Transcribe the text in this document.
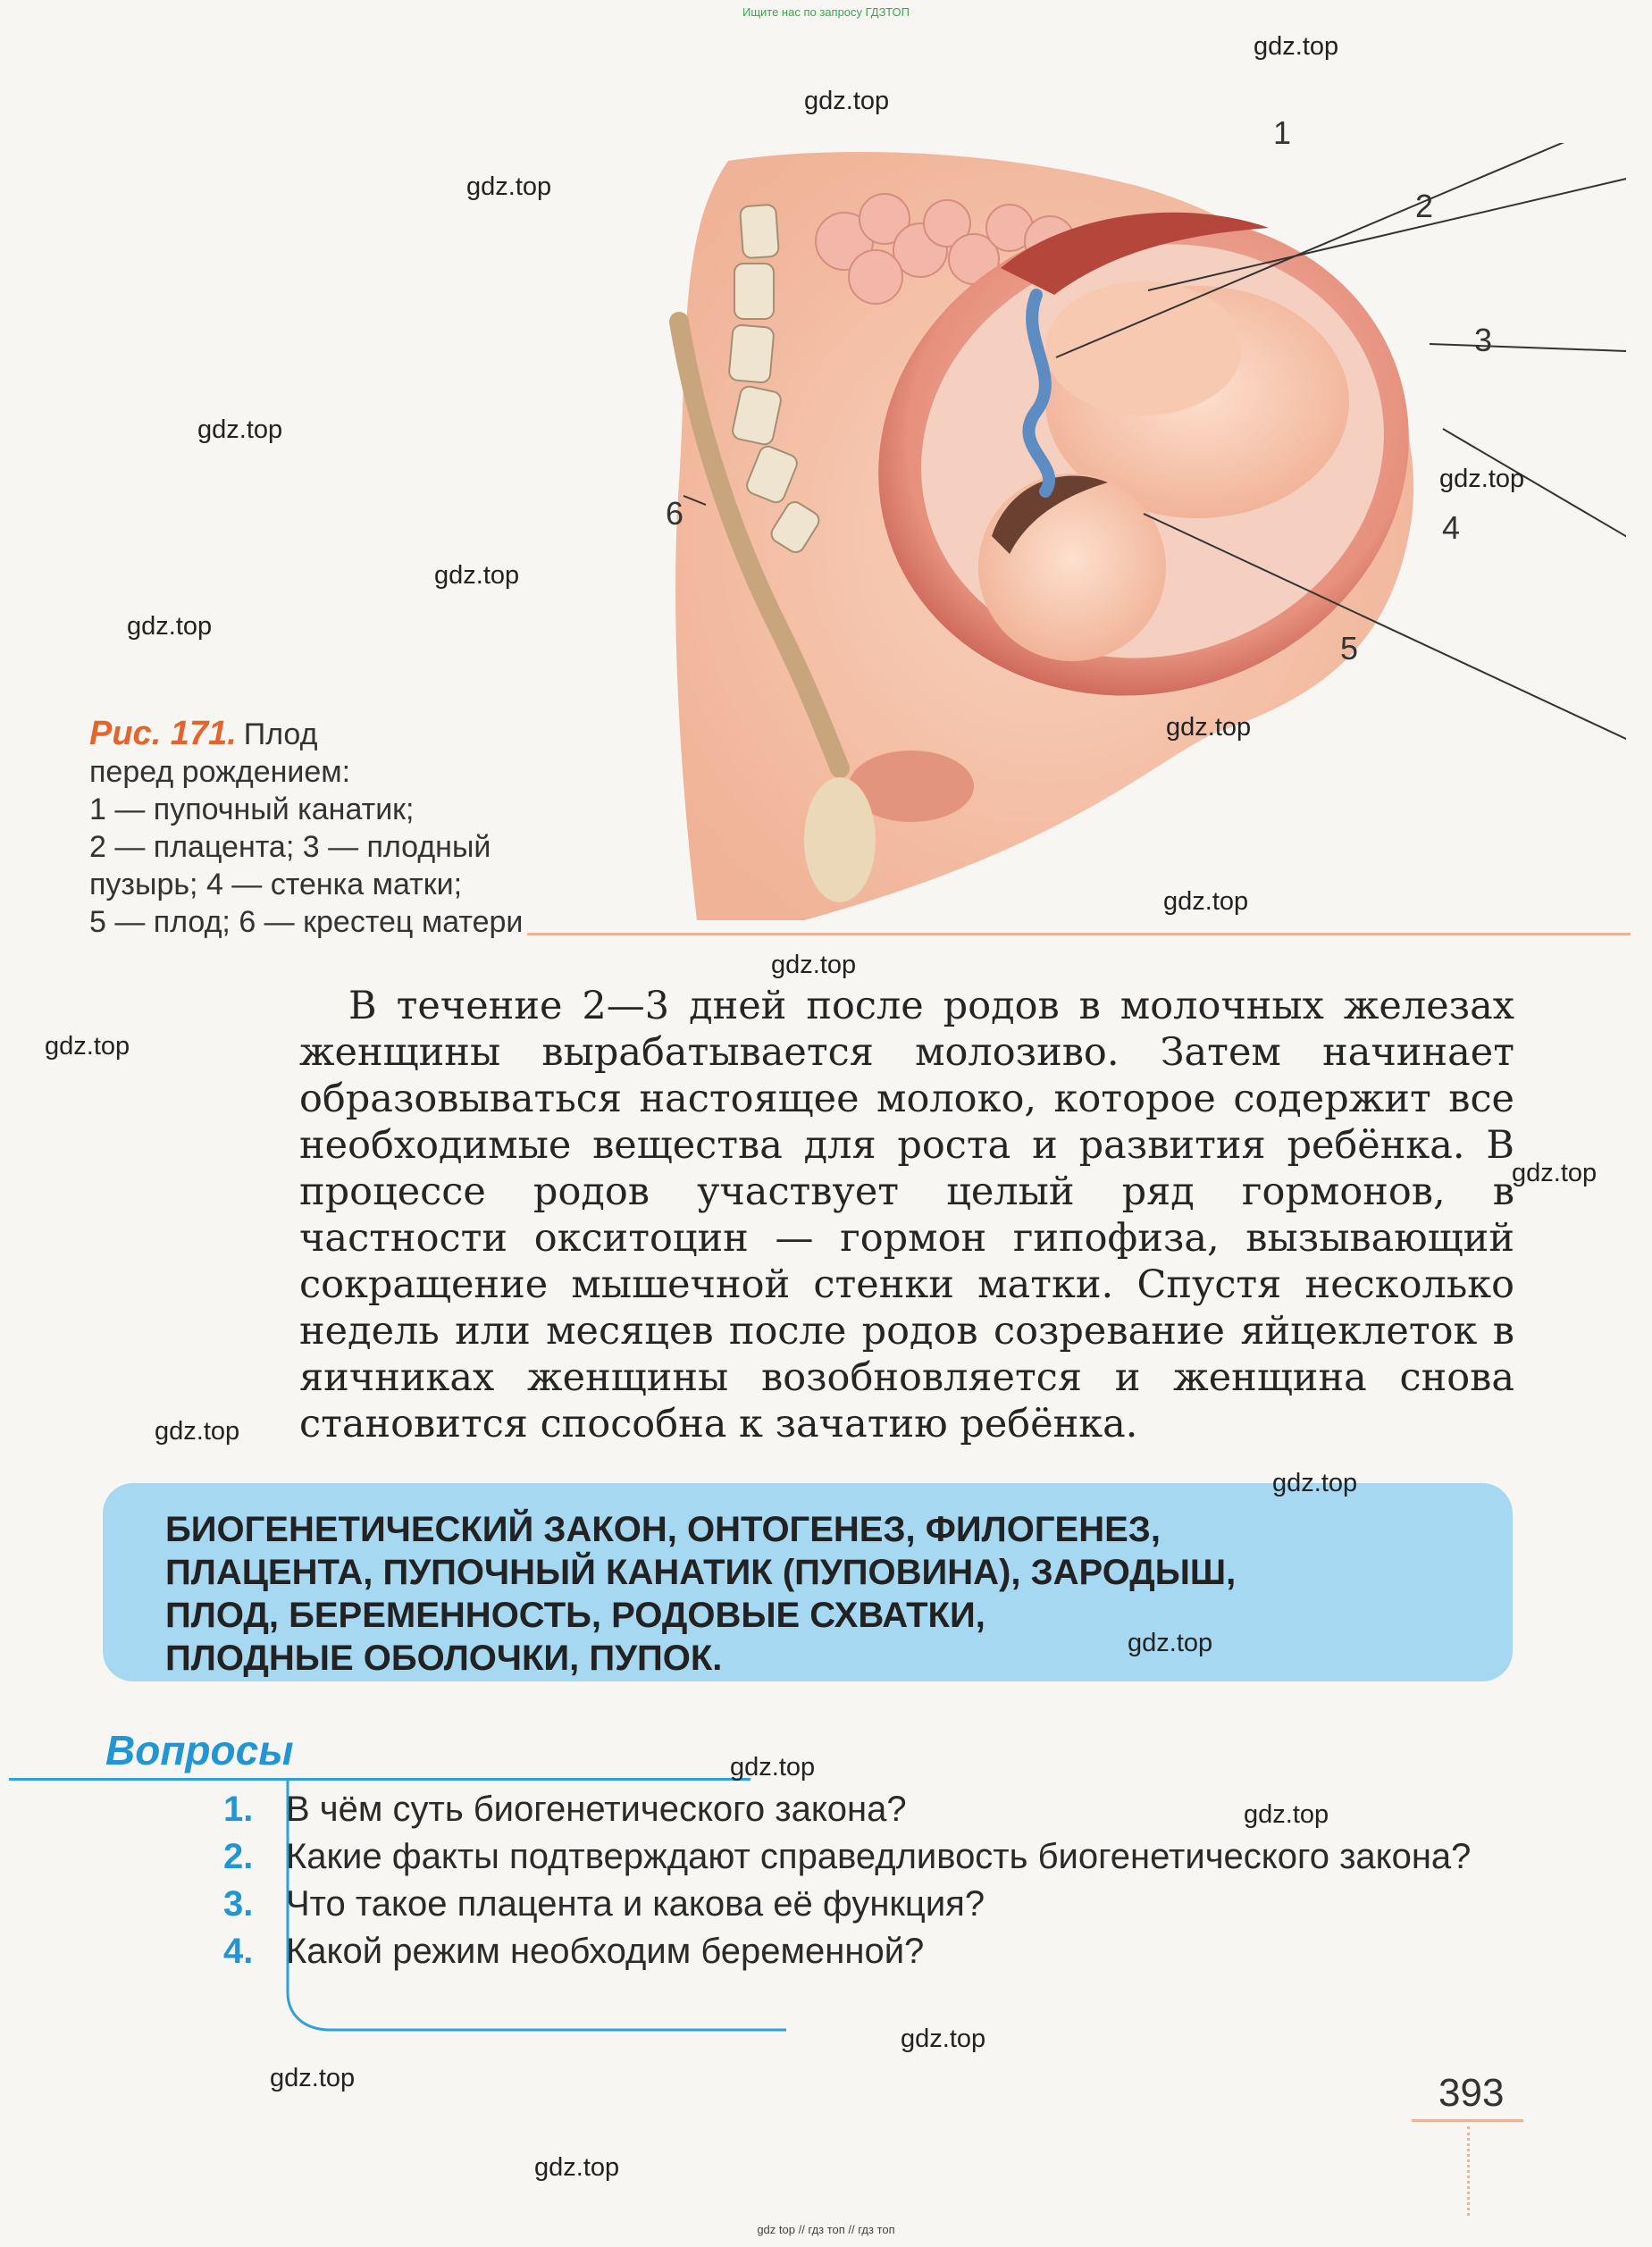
Ищите нас по запросу ГДЗТОП
1
2
3
4
5
6
Рис. 171. Плод
перед рождением:
1 — пупочный канатик;
2 — плацента; 3 — плодный
пузырь; 4 — стенка матки;
5 — плод; 6 — крестец матери

В течение 2—3 дней после родов в молочных железах женщины вырабатывается молозиво. Затем начинает образовываться настоящее молоко, которое содержит все необходимые вещества для роста и развития ребёнка. В процессе родов участвует целый ряд гормонов, в частности окситоцин — гормон гипофиза, вызывающий сокращение мышечной стенки матки. Спустя несколько недель или месяцев после родов созревание яйцеклеток в яичниках женщины возобновляется и женщина снова становится способна к зачатию ребёнка.

БИОГЕНЕТИЧЕСКИЙ ЗАКОН, ОНТОГЕНЕЗ, ФИЛОГЕНЕЗ,
ПЛАЦЕНТА, ПУПОЧНЫЙ КАНАТИК (ПУПОВИНА), ЗАРОДЫШ,
ПЛОД, БЕРЕМЕННОСТЬ, РОДОВЫЕ СХВАТКИ,
ПЛОДНЫЕ ОБОЛОЧКИ, ПУПОК.
Вопросы
1. В чём суть биогенетического закона?
2. Какие факты подтверждают справедливость биогенетического закона?
3. Что такое плацента и какова её функция?
4. Какой режим необходим беременной?
393
gdz.top
gdz.top
gdz.top
gdz.top
gdz.top
gdz.top
gdz.top
gdz.top
gdz.top
gdz.top
gdz.top
gdz.top
gdz.top
gdz.top
gdz.top
gdz.top
gdz.top
gdz.top
gdz.top
gdz.top
gdz top // гдз топ // гдз топ
